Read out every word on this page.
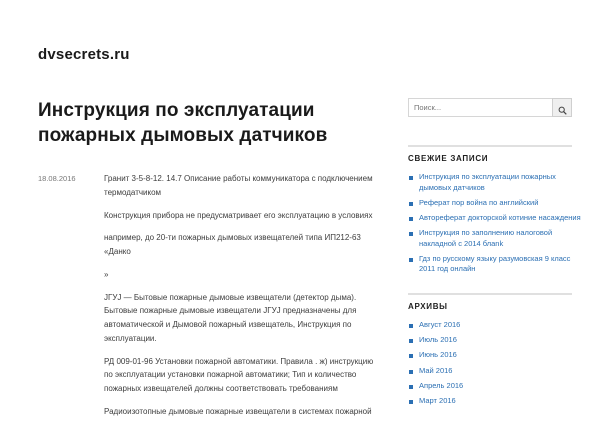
dvsecrets.ru
Инструкция по эксплуатации пожарных дымовых датчиков
18.08.2016	Гранит 3-5-8-12. 14.7 Описание работы коммуникатора с подключением термодатчиком

Конструкция прибора не предусматривает его эксплуатацию в условиях

например, до 20-ти пожарных дымовых извещателей типа ИП212-63 «Данко

»

ЈГУЈ — Бытовые пожарные дымовые извещатели (детектор дыма). Бытовые пожарные дымовые извещатели ЈГУЈ предназначены для автоматической и Дымовой пожарный извещатель, Инструкция по эксплуатации.

РД 009-01-96 Установки пожарной автоматики. Правила . ж) инструкцию по эксплуатации установки пожарной автоматики; Тип и количество пожарных извещателей должны соответствовать требованиям

Радиоизотопные дымовые пожарные извещатели в системах пожарной

Поиск...
СВЕЖИЕ ЗАПИСИ
Инструкция по эксплуатации пожарных дымовых датчиков
Реферат пор война по английский
Автореферат докторской котиние насаждения
Инструкция по заполнению налоговой накладной с 2014 блank
Гдз по русскому языку разумовская 9 класс 2011 год онлайн
АРХИВЫ
Август 2016
Июль 2016
Июнь 2016
Май 2016
Апрель 2016
Март 2016
